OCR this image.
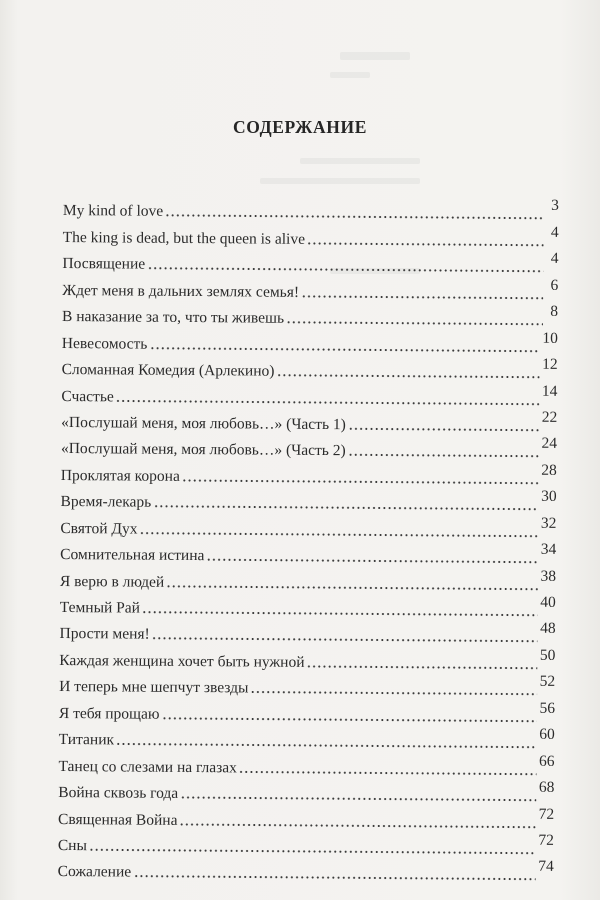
СОДЕРЖАНИЕ
My kind of love	3
The king is dead, but the queen is alive	4
Посвящение	4
Ждет меня в дальних землях семья!	6
В наказание за то, что ты живешь	8
Невесомость	10
Сломанная Комедия (Арлекино)	12
Счастье	14
«Послушай меня, моя любовь…» (Часть 1)	22
«Послушай меня, моя любовь…» (Часть 2)	24
Проклятая корона	28
Время-лекарь	30
Святой Дух	32
Сомнительная истина	34
Я верю в людей	38
Темный Рай	40
Прости меня!	48
Каждая женщина хочет быть нужной	50
И теперь мне шепчут звезды	52
Я тебя прощаю	56
Титаник	60
Танец со слезами на глазах	66
Война сквозь года	68
Священная Война	72
Сны	72
Сожаление	74
